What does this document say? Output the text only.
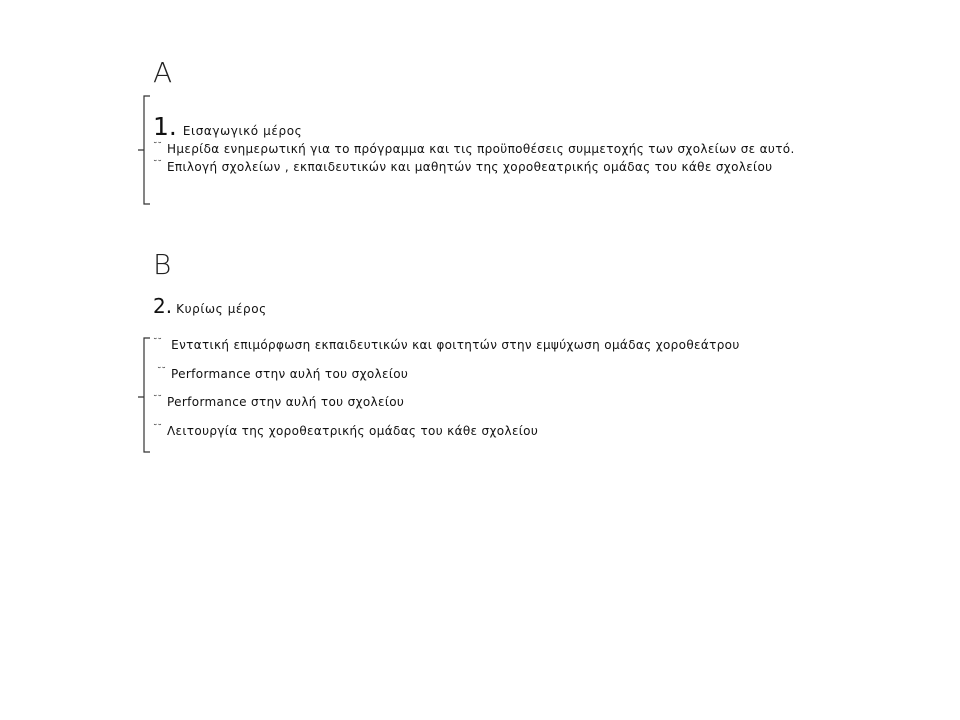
A
1. Εισαγωγικό μέρος
˘˘ Ημερίδα ενημερωτική για το πρόγραμμα και τις προϋποθέσεις συμμετοχής των σχολείων σε αυτό.
˘˘ Επιλογή σχολείων , εκπαιδευτικών και μαθητών της χοροθεατρικής ομάδας του κάθε σχολείου
B
2. Κυρίως μέρος
˘˘ Εντατική επιμόρφωση εκπαιδευτικών και φοιτητών στην εμψύχωση ομάδας χοροθεάτρου
˘˘ Performance στην αυλή του σχολείου
˘˘ Performance στην αυλή του σχολείου
˘˘ Λειτουργία της χοροθεατρικής ομάδας του κάθε σχολείου
